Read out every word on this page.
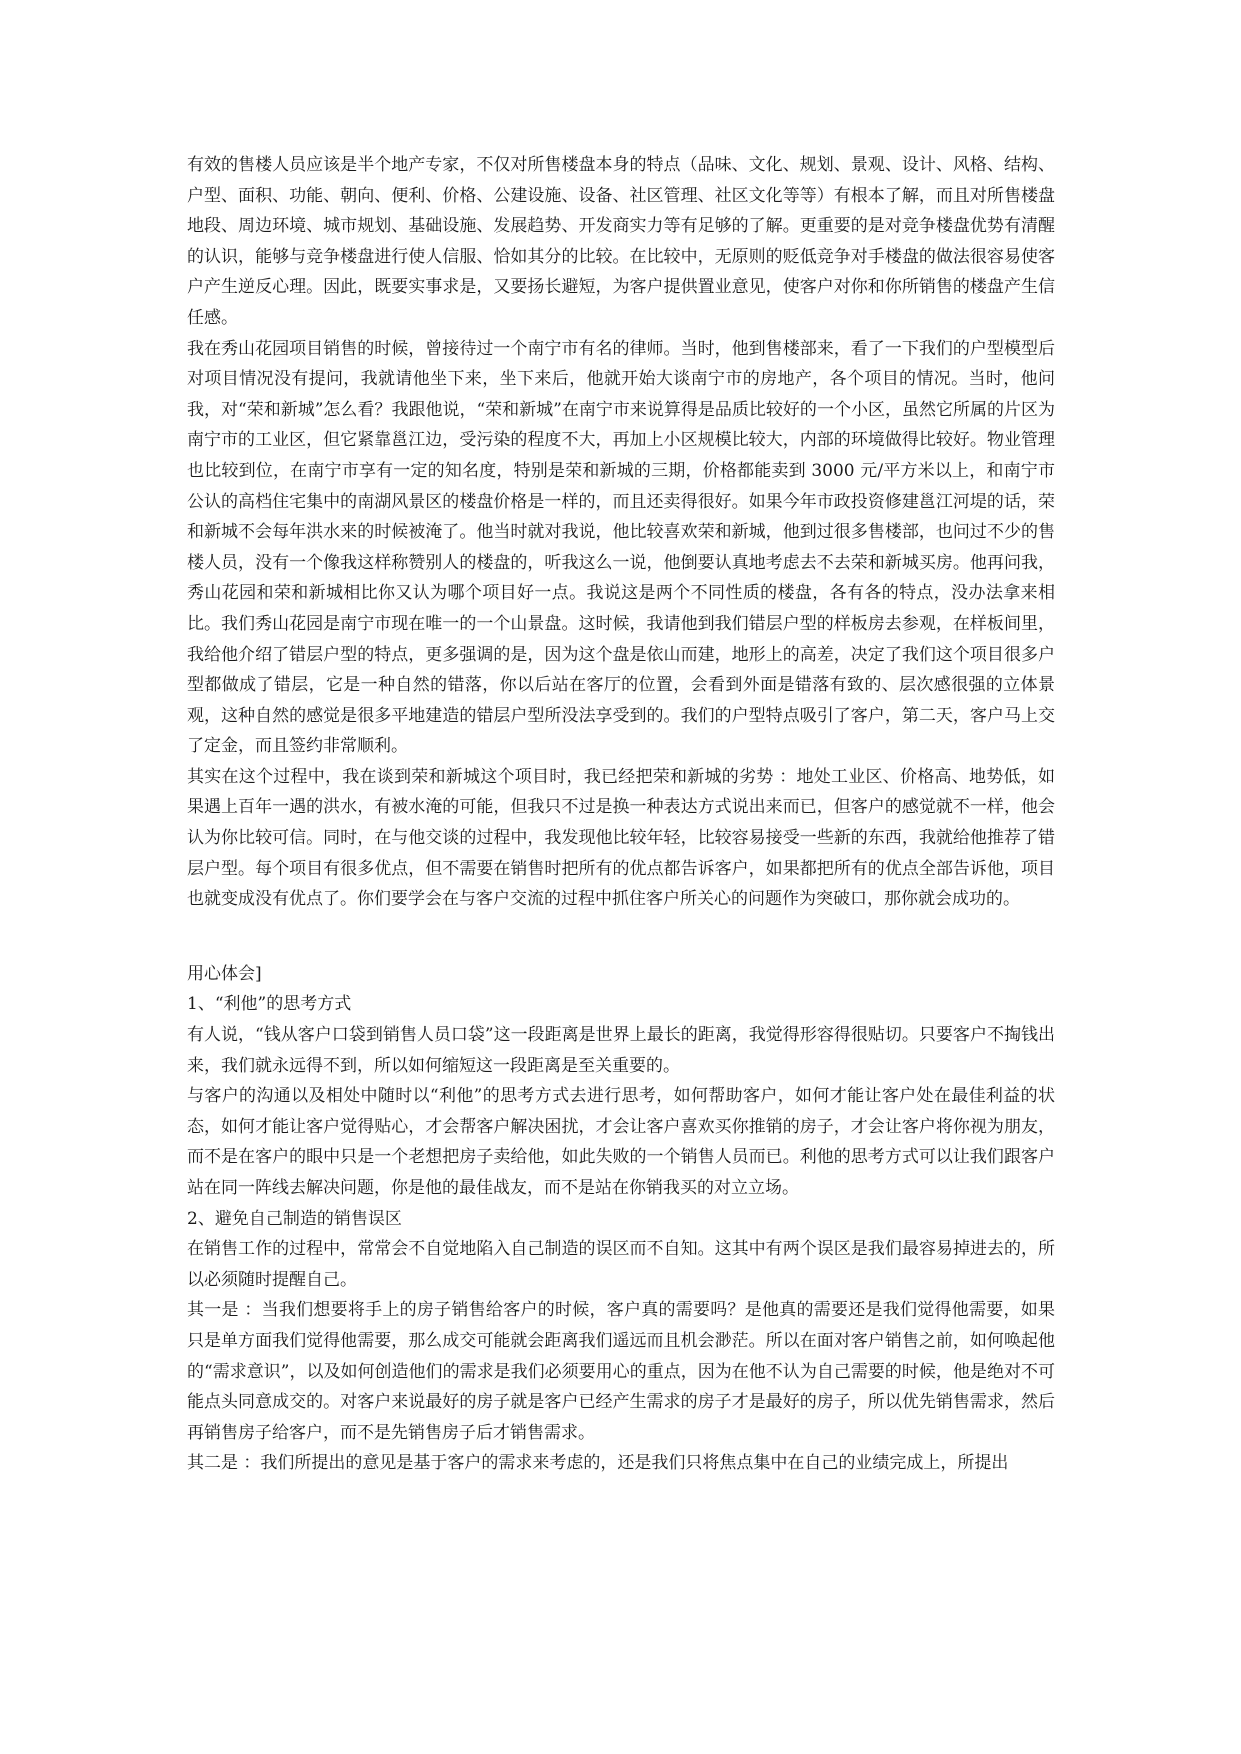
有效的售楼人员应该是半个地产专家，不仅对所售楼盘本身的特点（品味、文化、规划、景观、设计、风格、结构、户型、面积、功能、朝向、便利、价格、公建设施、设备、社区管理、社区文化等等）有根本了解，而且对所售楼盘地段、周边环境、城市规划、基础设施、发展趋势、开发商实力等有足够的了解。更重要的是对竞争楼盘优势有清醒的认识，能够与竞争楼盘进行使人信服、恰如其分的比较。在比较中，无原则的贬低竞争对手楼盘的做法很容易使客户产生逆反心理。因此，既要实事求是，又要扬长避短，为客户提供置业意见，使客户对你和你所销售的楼盘产生信任感。

我在秀山花园项目销售的时候，曾接待过一个南宁市有名的律师。当时，他到售楼部来，看了一下我们的户型模型后对项目情况没有提问，我就请他坐下来，坐下来后，他就开始大谈南宁市的房地产，各个项目的情况。当时，他问我，对“荣和新城”怎么看？我跟他说，“荣和新城”在南宁市来说算得是品质比较好的一个小区，虽然它所属的片区为南宁市的工业区，但它紧靠邕江边，受污染的程度不大，再加上小区规模比较大，内部的环境做得比较好。物业管理也比较到位，在南宁市享有一定的知名度，特别是荣和新城的三期，价格都能卖到 3000 元/平方米以上，和南宁市公认的高档住宅集中的南湖风景区的楼盘价格是一样的，而且还卖得很好。如果今年市政投资修建邕江河堤的话，荣和新城不会每年洪水来的时候被淹了。他当时就对我说，他比较喜欢荣和新城，他到过很多售楼部，也问过不少的售楼人员，没有一个像我这样称赞别人的楼盘的，听我这么一说，他倒要认真地考虑去不去荣和新城买房。他再问我，秀山花园和荣和新城相比你又认为哪个项目好一点。我说这是两个不同性质的楼盘，各有各的特点，没办法拿来相比。我们秀山花园是南宁市现在唯一的一个山景盘。这时候，我请他到我们错层户型的样板房去参观，在样板间里，我给他介绍了错层户型的特点，更多强调的是，因为这个盘是依山而建，地形上的高差，决定了我们这个项目很多户型都做成了错层，它是一种自然的错落，你以后站在客厅的位置，会看到外面是错落有致的、层次感很强的立体景观，这种自然的感觉是很多平地建造的错层户型所没法享受到的。我们的户型特点吸引了客户，第二天，客户马上交了定金，而且签约非常顺利。

其实在这个过程中，我在谈到荣和新城这个项目时，我已经把荣和新城的劣势 ：地处工业区、价格高、地势低，如果遇上百年一遇的洪水，有被水淹的可能，但我只不过是换一种表达方式说出来而已，但客户的感觉就不一样，他会认为你比较可信。同时，在与他交谈的过程中，我发现他比较年轻，比较容易接受一些新的东西，我就给他推荐了错层户型。每个项目有很多优点，但不需要在销售时把所有的优点都告诉客户，如果都把所有的优点全部告诉他，项目也就变成没有优点了。你们要学会在与客户交流的过程中抓住客户所关心的问题作为突破口，那你就会成功的。

用心体会]

1、“利他”的思考方式

有人说，“钱从客户口袋到销售人员口袋”这一段距离是世界上最长的距离，我觉得形容得很贴切。只要客户不掏钱出来，我们就永远得不到，所以如何缩短这一段距离是至关重要的。

与客户的沟通以及相处中随时以“利他”的思考方式去进行思考，如何帮助客户，如何才能让客户处在最佳利益的状态，如何才能让客户觉得贴心，才会帮客户解决困扰，才会让客户喜欢买你推销的房子，才会让客户将你视为朋友，而不是在客户的眼中只是一个老想把房子卖给他，如此失败的一个销售人员而已。利他的思考方式可以让我们跟客户站在同一阵线去解决问题，你是他的最佳战友，而不是站在你销我买的对立立场。

2、避免自己制造的销售误区

在销售工作的过程中，常常会不自觉地陷入自己制造的误区而不自知。这其中有两个误区是我们最容易掉进去的，所以必须随时提醒自己。

其一是 ：当我们想要将手上的房子销售给客户的时候，客户真的需要吗？是他真的需要还是我们觉得他需要，如果只是单方面我们觉得他需要，那么成交可能就会距离我们遥远而且机会渺茫。所以在面对客户销售之前，如何唤起他的“需求意识”，以及如何创造他们的需求是我们必须要用心的重点，因为在他不认为自己需要的时候，他是绝对不可能点头同意成交的。对客户来说最好的房子就是客户已经产生需求的房子才是最好的房子，所以优先销售需求，然后再销售房子给客户，而不是先销售房子后才销售需求。

其二是 ：我们所提出的意见是基于客户的需求来考虑的，还是我们只将焦点集中在自己的业绩完成上，所提出
